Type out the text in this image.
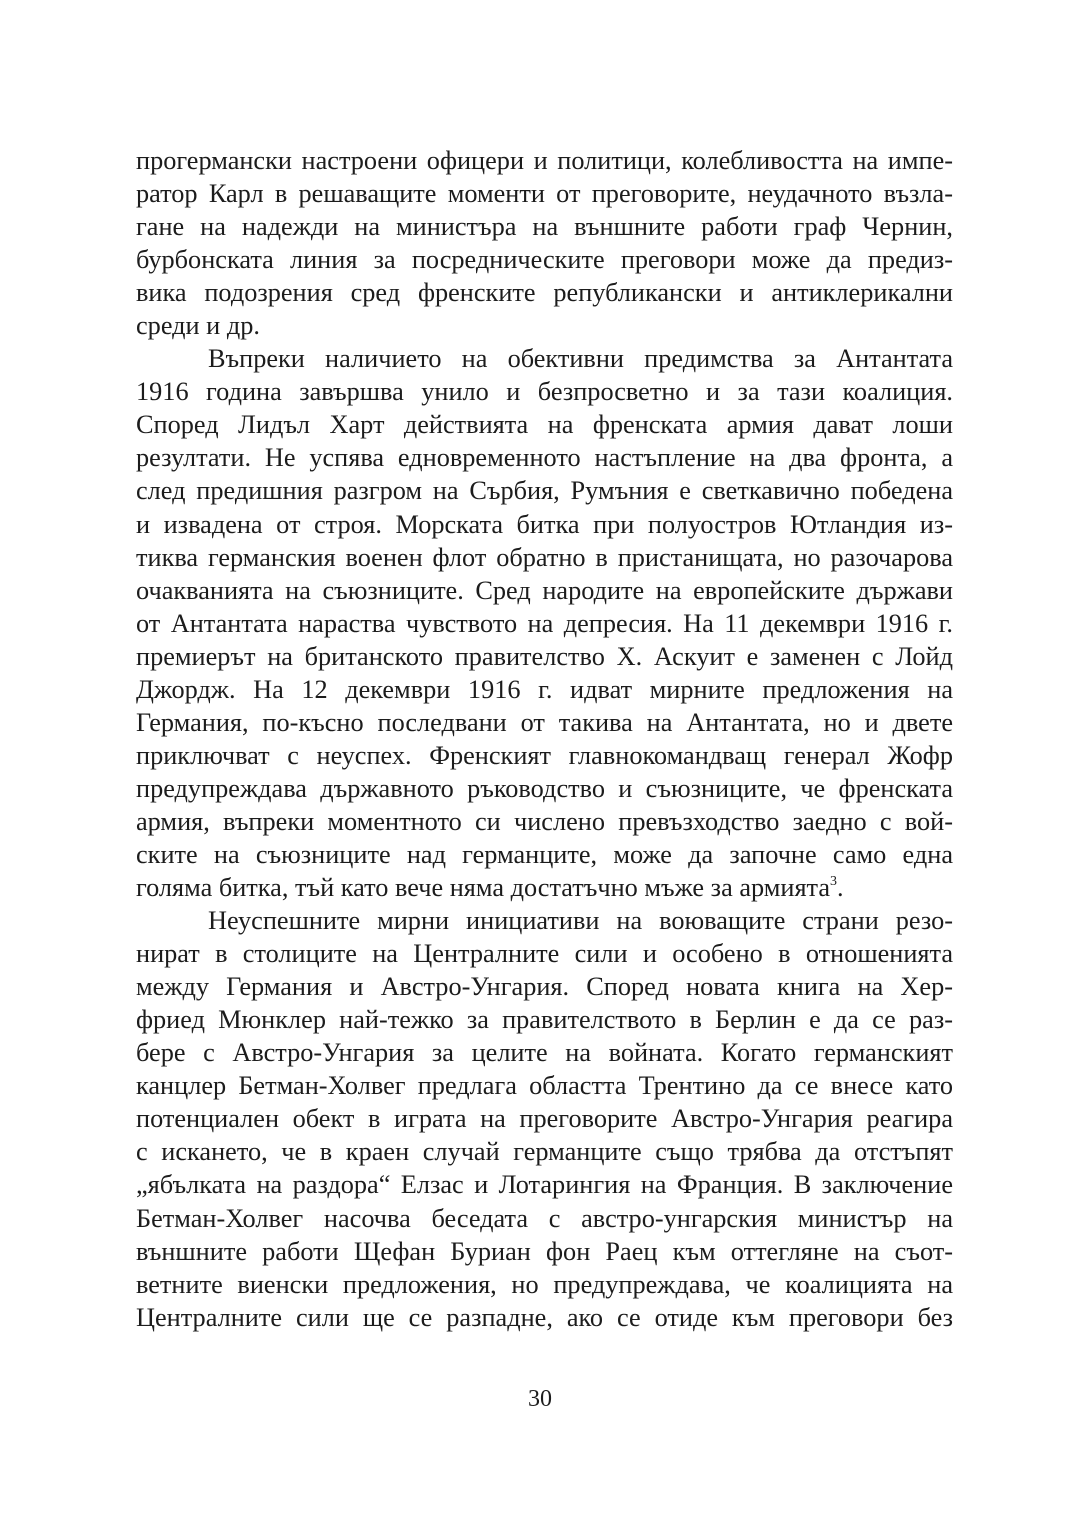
прогермански настроени офицери и политици, колебливостта на импе-
ратор Карл в решаващите моменти от преговорите, неудачното възла-
гане на надежди на министъра на външните работи граф Чернин,
бурбонската линия за посредническите преговори може да предиз-
вика подозрения сред френските републикански и антиклерикални
среди и др.
Въпреки наличието на обективни предимства за Антантата
1916 година завършва унило и безпросветно и за тази коалиция.
Според Лидъл Харт действията на френската армия дават лоши
резултати. Не успява едновременното настъпление на два фронта, а
след предишния разгром на Сърбия, Румъния е светкавично победена
и извадена от строя. Морската битка при полуостров Ютландия из-
тиква германския военен флот обратно в пристанищата, но разочарова
очакванията на съюзниците. Сред народите на европейските държави
от Антантата нараства чувството на депресия. На 11 декември 1916 г.
премиерът на британското правителство Х. Аскуит е заменен с Лойд
Джордж. На 12 декември 1916 г. идват мирните предложения на
Германия, по-късно последвани от такива на Антантата, но и двете
приключват с неуспех. Френският главнокомандващ генерал Жофр
предупреждава държавното ръководство и съюзниците, че френската
армия, въпреки моментното си числено превъзходство заедно с вой-
ските на съюзниците над германците, може да започне само една
голяма битка, тъй като вече няма достатъчно мъже за армията$^3$.
Неуспешните мирни инициативи на воюващите страни резо-
нират в столиците на Централните сили и особено в отношенията
между Германия и Австро-Унгария. Според новата книга на Хер-
фриед Мюнклер най-тежко за правителството в Берлин е да се раз-
бере с Австро-Унгария за целите на войната. Когато германският
канцлер Бетман-Холвег предлага областта Трентино да се внесе като
потенциален обект в играта на преговорите Австро-Унгария реагира
с искането, че в краен случай германците също трябва да отстъпят
„ябълката на раздора“ Елзас и Лотарингия на Франция. В заключение
Бетман-Холвег насочва беседата с австро-унгарския министър на
външните работи Щефан Буриан фон Раец към оттегляне на съот-
ветните виенски предложения, но предупреждава, че коалицията на
Централните сили ще се разпадне, ако се отиде към преговори без
30
